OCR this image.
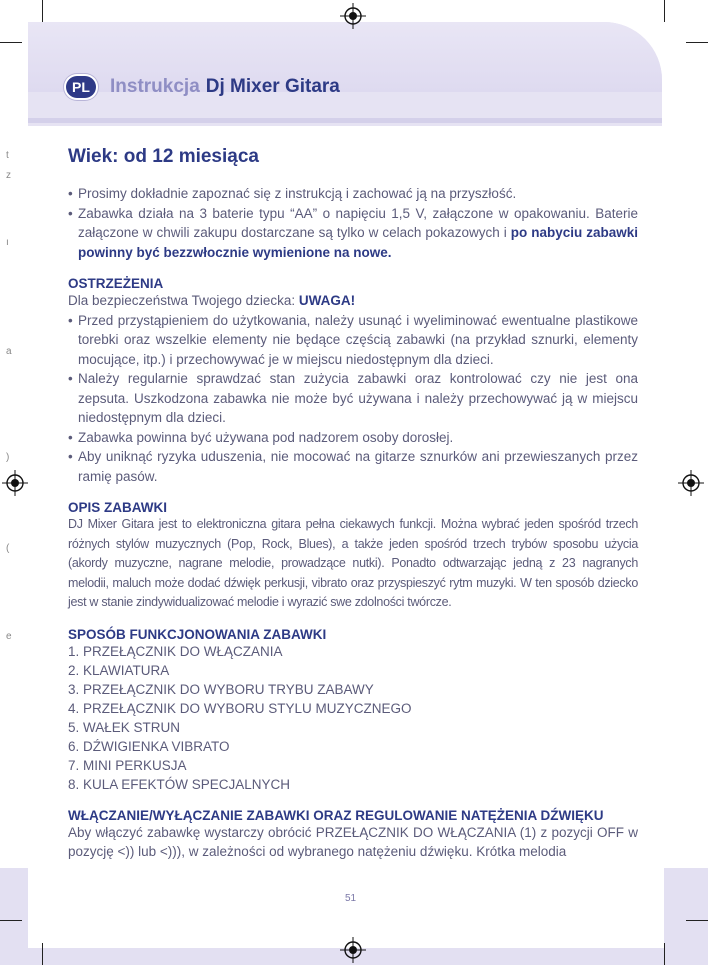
PL	Instrukcja Dj Mixer Gitara
t
z
ı
a
)
(
e
Wiek: od 12 miesiąca
• Prosimy dokładnie zapoznać się z instrukcją i zachować ją na przyszłość.
• Zabawka działa na 3 baterie typu “AA” o napięciu 1,5 V, załączone w opakowaniu. Baterie załączone w chwili zakupu dostarczane są tylko w celach pokazowych i po nabyciu zabawki powinny być bezzwłocznie wymienione na nowe.
OSTRZEŻENIA

Dla bezpieczeństwa Twojego dziecka: UWAGA!

• Przed przystąpieniem do użytkowania, należy usunąć i wyeliminować ewentualne plastikowe torebki oraz wszelkie elementy nie będące częścią zabawki (na przykład sznurki, elementy mocujące, itp.) i przechowywać je w miejscu niedostępnym dla dzieci.
• Należy regularnie sprawdzać stan zużycia zabawki oraz kontrolować czy nie jest ona zepsuta. Uszkodzona zabawka nie może być używana i należy przechowywać ją w miejscu niedostępnym dla dzieci.
• Zabawka powinna być używana pod nadzorem osoby dorosłej.
• Aby uniknąć ryzyka uduszenia, nie mocować na gitarze sznurków ani przewieszanych przez ramię pasów.
OPIS ZABAWKI

DJ Mixer Gitara jest to elektroniczna gitara pełna ciekawych funkcji. Można wybrać jeden spośród trzech różnych stylów muzycznych (Pop, Rock, Blues), a także jeden spośród trzech trybów sposobu użycia (akordy muzyczne, nagrane melodie, prowadzące nutki). Ponadto odtwarzając jedną z 23 nagranych melodii, maluch może dodać dźwięk perkusji, vibrato oraz przyspieszyć rytm muzyki. W ten sposób dziecko jest w stanie zindywidualizować melodie i wyrazić swe zdolności twórcze.

SPOSÓB FUNKCJONOWANIA ZABAWKI
1. PRZEŁĄCZNIK DO WŁĄCZANIA
2. KLAWIATURA
3. PRZEŁĄCZNIK DO WYBORU TRYBU ZABAWY
4. PRZEŁĄCZNIK DO WYBORU STYLU MUZYCZNEGO
5. WAŁEK STRUN
6. DŹWIGIENKA VIBRATO
7. MINI PERKUSJA
8. KULA EFEKTÓW SPECJALNYCH
WŁĄCZANIE/WYŁĄCZANIE ZABAWKI ORAZ REGULOWANIE NATĘŻENIA DŹWIĘKU

Aby włączyć zabawkę wystarczy obrócić PRZEŁĄCZNIK DO WŁĄCZANIA (1) z pozycji OFF w pozycję <)) lub <))), w zależności od wybranego natężeniu dźwięku. Krótka melodia

51
